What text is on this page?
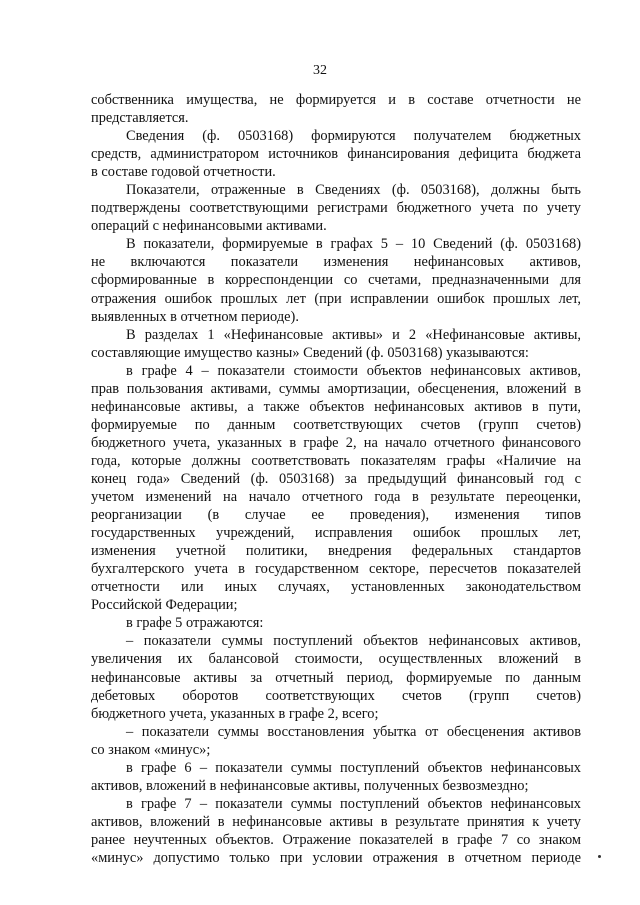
32
собственника имущества, не формируется и в составе отчетности не
представляется.
Сведения (ф. 0503168) формируются получателем бюджетных
средств, администратором источников финансирования дефицита бюджета
в составе годовой отчетности.
Показатели, отраженные в Сведениях (ф. 0503168), должны быть
подтверждены соответствующими регистрами бюджетного учета по учету
операций с нефинансовыми активами.
В показатели, формируемые в графах 5 – 10 Сведений (ф. 0503168)
не включаются показатели изменения нефинансовых активов,
сформированные в корреспонденции со счетами, предназначенными для
отражения ошибок прошлых лет (при исправлении ошибок прошлых лет,
выявленных в отчетном периоде).
В разделах 1 «Нефинансовые активы» и 2 «Нефинансовые активы,
составляющие имущество казны» Сведений (ф. 0503168) указываются:
в графе 4 – показатели стоимости объектов нефинансовых активов,
прав пользования активами, суммы амортизации, обесценения, вложений в
нефинансовые активы, а также объектов нефинансовых активов в пути,
формируемые по данным соответствующих счетов (групп счетов)
бюджетного учета, указанных в графе 2, на начало отчетного финансового
года, которые должны соответствовать показателям графы «Наличие на
конец года» Сведений (ф. 0503168) за предыдущий финансовый год с
учетом изменений на начало отчетного года в результате переоценки,
реорганизации (в случае ее проведения), изменения типов
государственных учреждений, исправления ошибок прошлых лет,
изменения учетной политики, внедрения федеральных стандартов
бухгалтерского учета в государственном секторе, пересчетов показателей
отчетности или иных случаях, установленных законодательством
Российской Федерации;
в графе 5 отражаются:
– показатели суммы поступлений объектов нефинансовых активов,
увеличения их балансовой стоимости, осуществленных вложений в
нефинансовые активы за отчетный период, формируемые по данным
дебетовых оборотов соответствующих счетов (групп счетов)
бюджетного учета, указанных в графе 2, всего;
– показатели суммы восстановления убытка от обесценения активов
со знаком «минус»;
в графе 6 – показатели суммы поступлений объектов нефинансовых
активов, вложений в нефинансовые активы, полученных безвозмездно;
в графе 7 – показатели суммы поступлений объектов нефинансовых
активов, вложений в нефинансовые активы в результате принятия к учету
ранее неучтенных объектов. Отражение показателей в графе 7 со знаком
«минус» допустимо только при условии отражения в отчетном периоде
